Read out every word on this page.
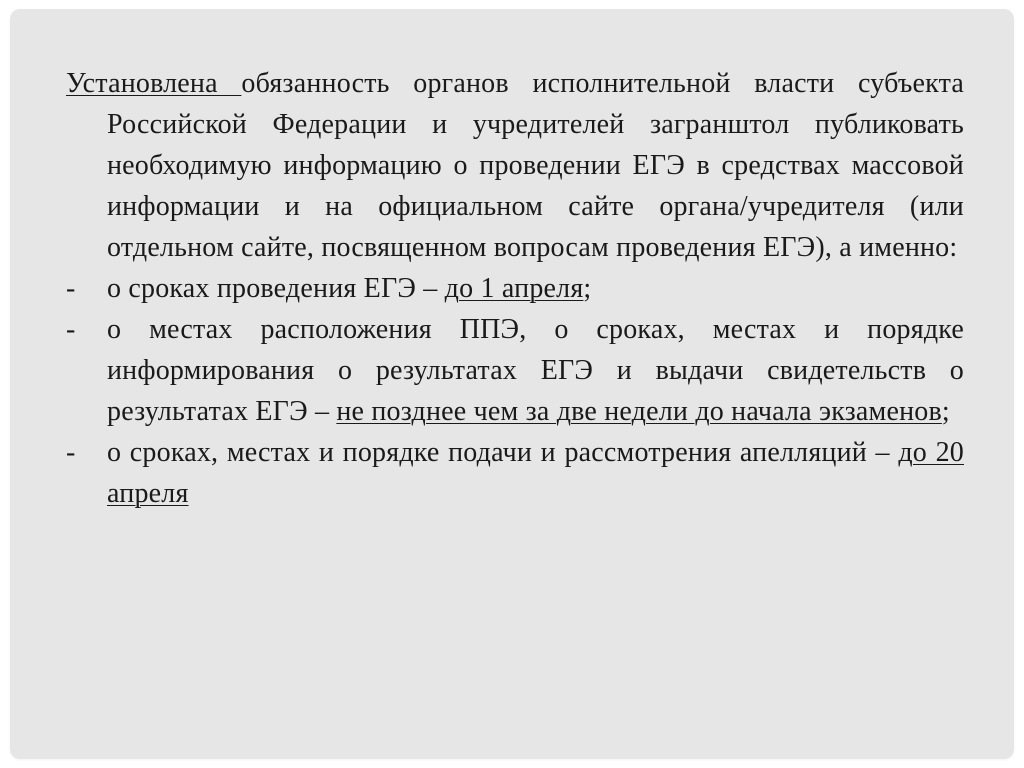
Установлена обязанность органов исполнительной власти субъекта Российской Федерации и учредителей загранштол публиковать необходимую информацию о проведении ЕГЭ в средствах массовой информации и на официальном сайте органа/учредителя (или отдельном сайте, посвященном вопросам проведения ЕГЭ), а именно:

- о сроках проведения ЕГЭ – до 1 апреля;

- о местах расположения ППЭ, о сроках, местах и порядке информирования о результатах ЕГЭ и выдачи свидетельств о результатах ЕГЭ – не позднее чем за две недели до начала экзаменов;

- о сроках, местах и порядке подачи и рассмотрения апелляций – до 20 апреля
